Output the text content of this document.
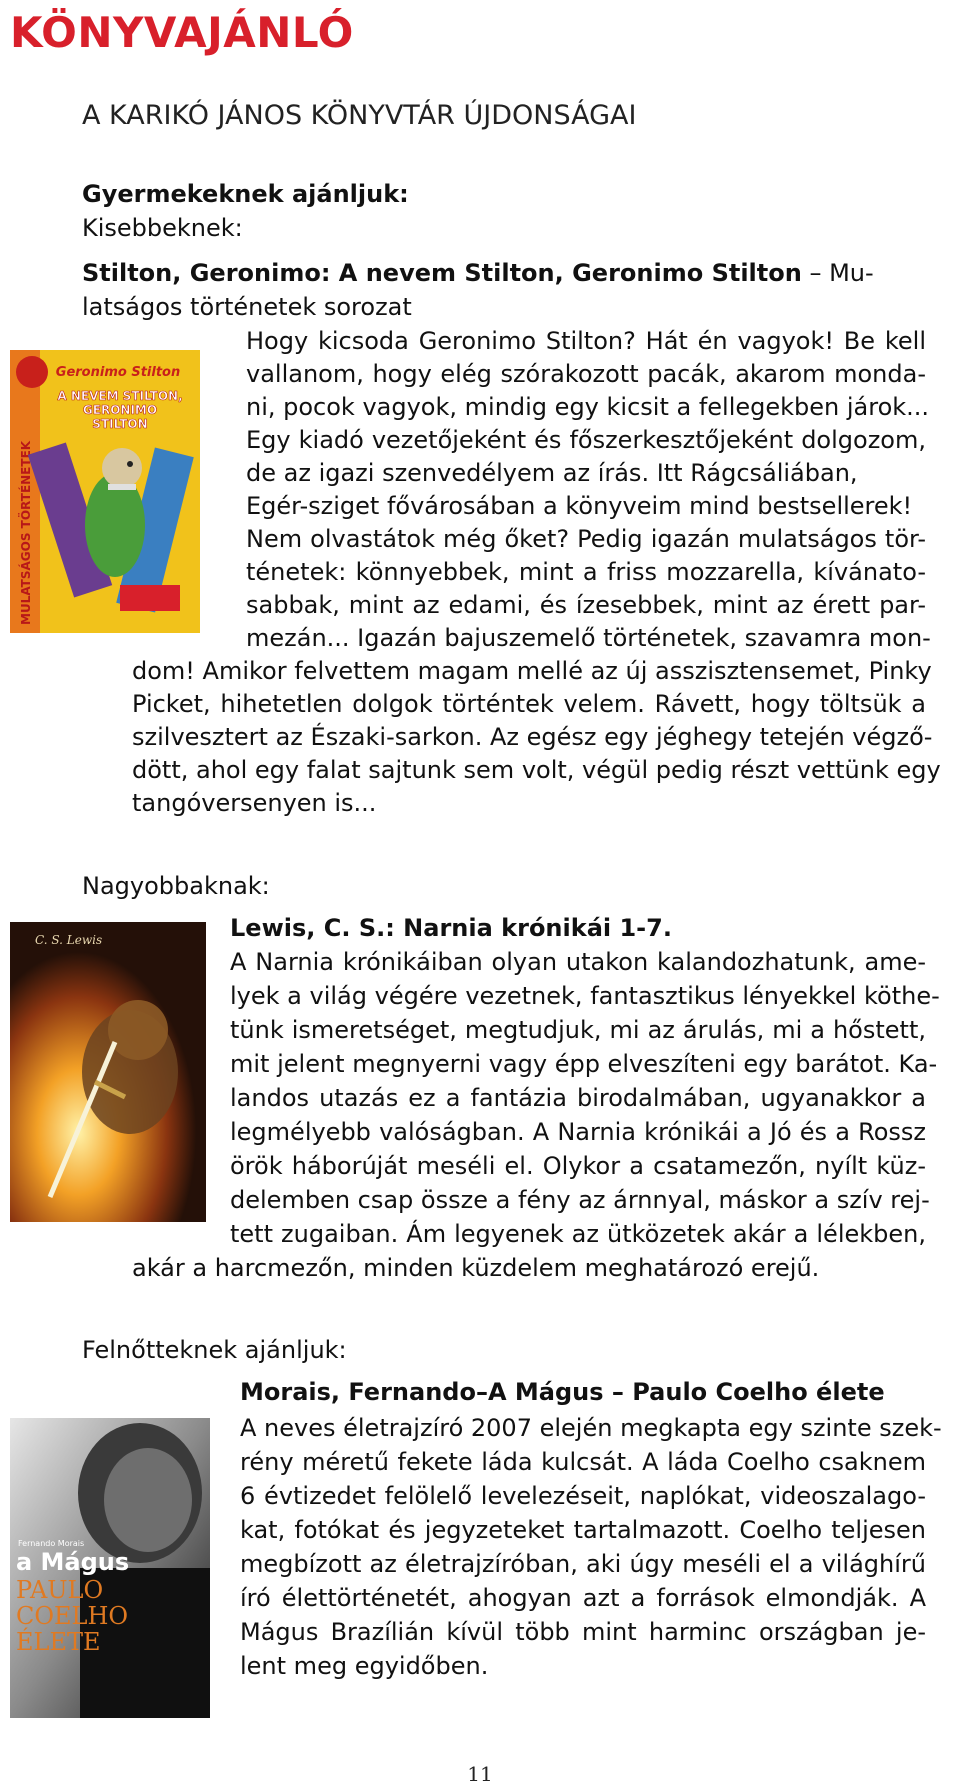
KÖNYVAJÁNLÓ
A KARIKÓ JÁNOS KÖNYVTÁR ÚJDONSÁGAI
Gyermekeknek ajánljuk:
Kisebbeknek:
Stilton, Geronimo: A nevem Stilton, Geronimo Stilton – Mu-
latságos történetek sorozat
MULATSÁGOS TÖRTÉNETEK
Geronimo Stilton
A NEVEM STILTON,
GERONIMO
STILTON
Hogy kicsoda Geronimo Stilton? Hát én vagyok! Be kell
vallanom, hogy elég szórakozott pacák, akarom monda-
ni, pocok vagyok, mindig egy kicsit a fellegekben járok...
Egy kiadó vezetőjeként és főszerkesztőjeként dolgozom,
de az igazi szenvedélyem az írás. Itt Rágcsáliában,
Egér-sziget fővárosában a könyveim mind bestsellerek!
Nem olvastátok még őket? Pedig igazán mulatságos tör-
ténetek: könnyebbek, mint a friss mozzarella, kívánato-
sabbak, mint az edami, és ízesebbek, mint az érett par-
mezán... Igazán bajuszemelő történetek, szavamra mon-
dom! Amikor felvettem magam mellé az új asszisztensemet, Pinky
Picket, hihetetlen dolgok történtek velem. Rávett, hogy töltsük a
szilvesztert az Északi-sarkon. Az egész egy jéghegy tetején végző-
dött, ahol egy falat sajtunk sem volt, végül pedig részt vettünk egy
tangóversenyen is...
Nagyobbaknak:
Lewis, C. S.: Narnia krónikái 1-7.
C. S. Lewis
A Narnia krónikáiban olyan utakon kalandozhatunk, ame-
lyek a világ végére vezetnek, fantasztikus lényekkel köthe-
tünk ismeretséget, megtudjuk, mi az árulás, mi a hőstett,
mit jelent megnyerni vagy épp elveszíteni egy barátot. Ka-
landos utazás ez a fantázia birodalmában, ugyanakkor a
legmélyebb valóságban. A Narnia krónikái a Jó és a Rossz
örök háborúját meséli el. Olykor a csatamezőn, nyílt küz-
delemben csap össze a fény az árnnyal, máskor a szív rej-
tett zugaiban. Ám legyenek az ütközetek akár a lélekben,
akár a harcmezőn, minden küzdelem meghatározó erejű.
Felnőtteknek ajánljuk:
Morais, Fernando–A Mágus – Paulo Coelho élete
Fernando Morais
a Mágus
PAULO
COELHO
ÉLETE
A neves életrajzíró 2007 elején megkapta egy szinte szek-
rény méretű fekete láda kulcsát. A láda Coelho csaknem
6 évtizedet felölelő levelezéseit, naplókat, videoszalago-
kat, fotókat és jegyzeteket tartalmazott. Coelho teljesen
megbízott az életrajzíróban, aki úgy meséli el a világhírű
író élettörténetét, ahogyan azt a források elmondják. A
Mágus Brazílián kívül több mint harminc országban je-
lent meg egyidőben.
11
